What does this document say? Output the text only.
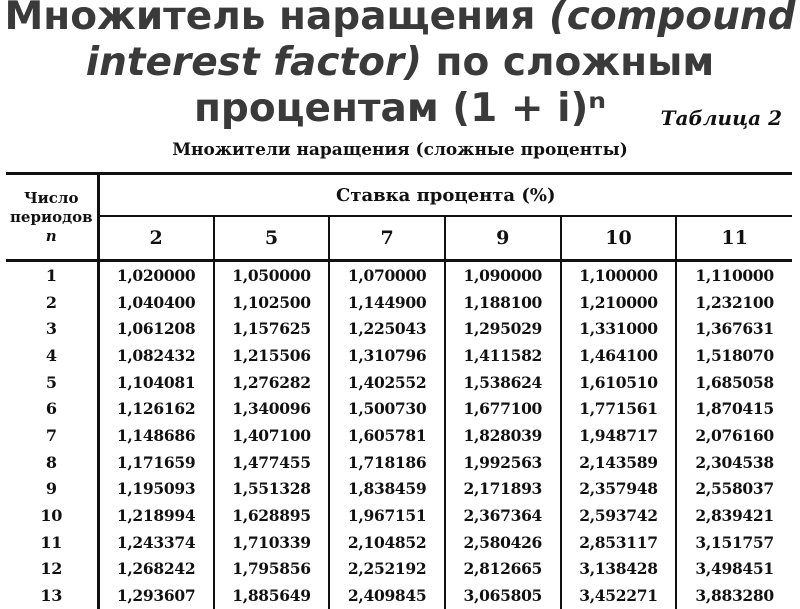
Множитель наращения (compound
interest factor) по сложным
процентам (1 + i)ⁿ	Таблица 2
Множители наращения (сложные проценты)
Число
периодов
n	Ставка процента (%)					
	2	5	7	9	10	11
1	1,020000	1,050000	1,070000	1,090000	1,100000	1,110000
2	1,040400	1,102500	1,144900	1,188100	1,210000	1,232100
3	1,061208	1,157625	1,225043	1,295029	1,331000	1,367631
4	1,082432	1,215506	1,310796	1,411582	1,464100	1,518070
5	1,104081	1,276282	1,402552	1,538624	1,610510	1,685058
6	1,126162	1,340096	1,500730	1,677100	1,771561	1,870415
7	1,148686	1,407100	1,605781	1,828039	1,948717	2,076160
8	1,171659	1,477455	1,718186	1,992563	2,143589	2,304538
9	1,195093	1,551328	1,838459	2,171893	2,357948	2,558037
10	1,218994	1,628895	1,967151	2,367364	2,593742	2,839421
11	1,243374	1,710339	2,104852	2,580426	2,853117	3,151757
12	1,268242	1,795856	2,252192	2,812665	3,138428	3,498451
13	1,293607	1,885649	2,409845	3,065805	3,452271	3,883280
